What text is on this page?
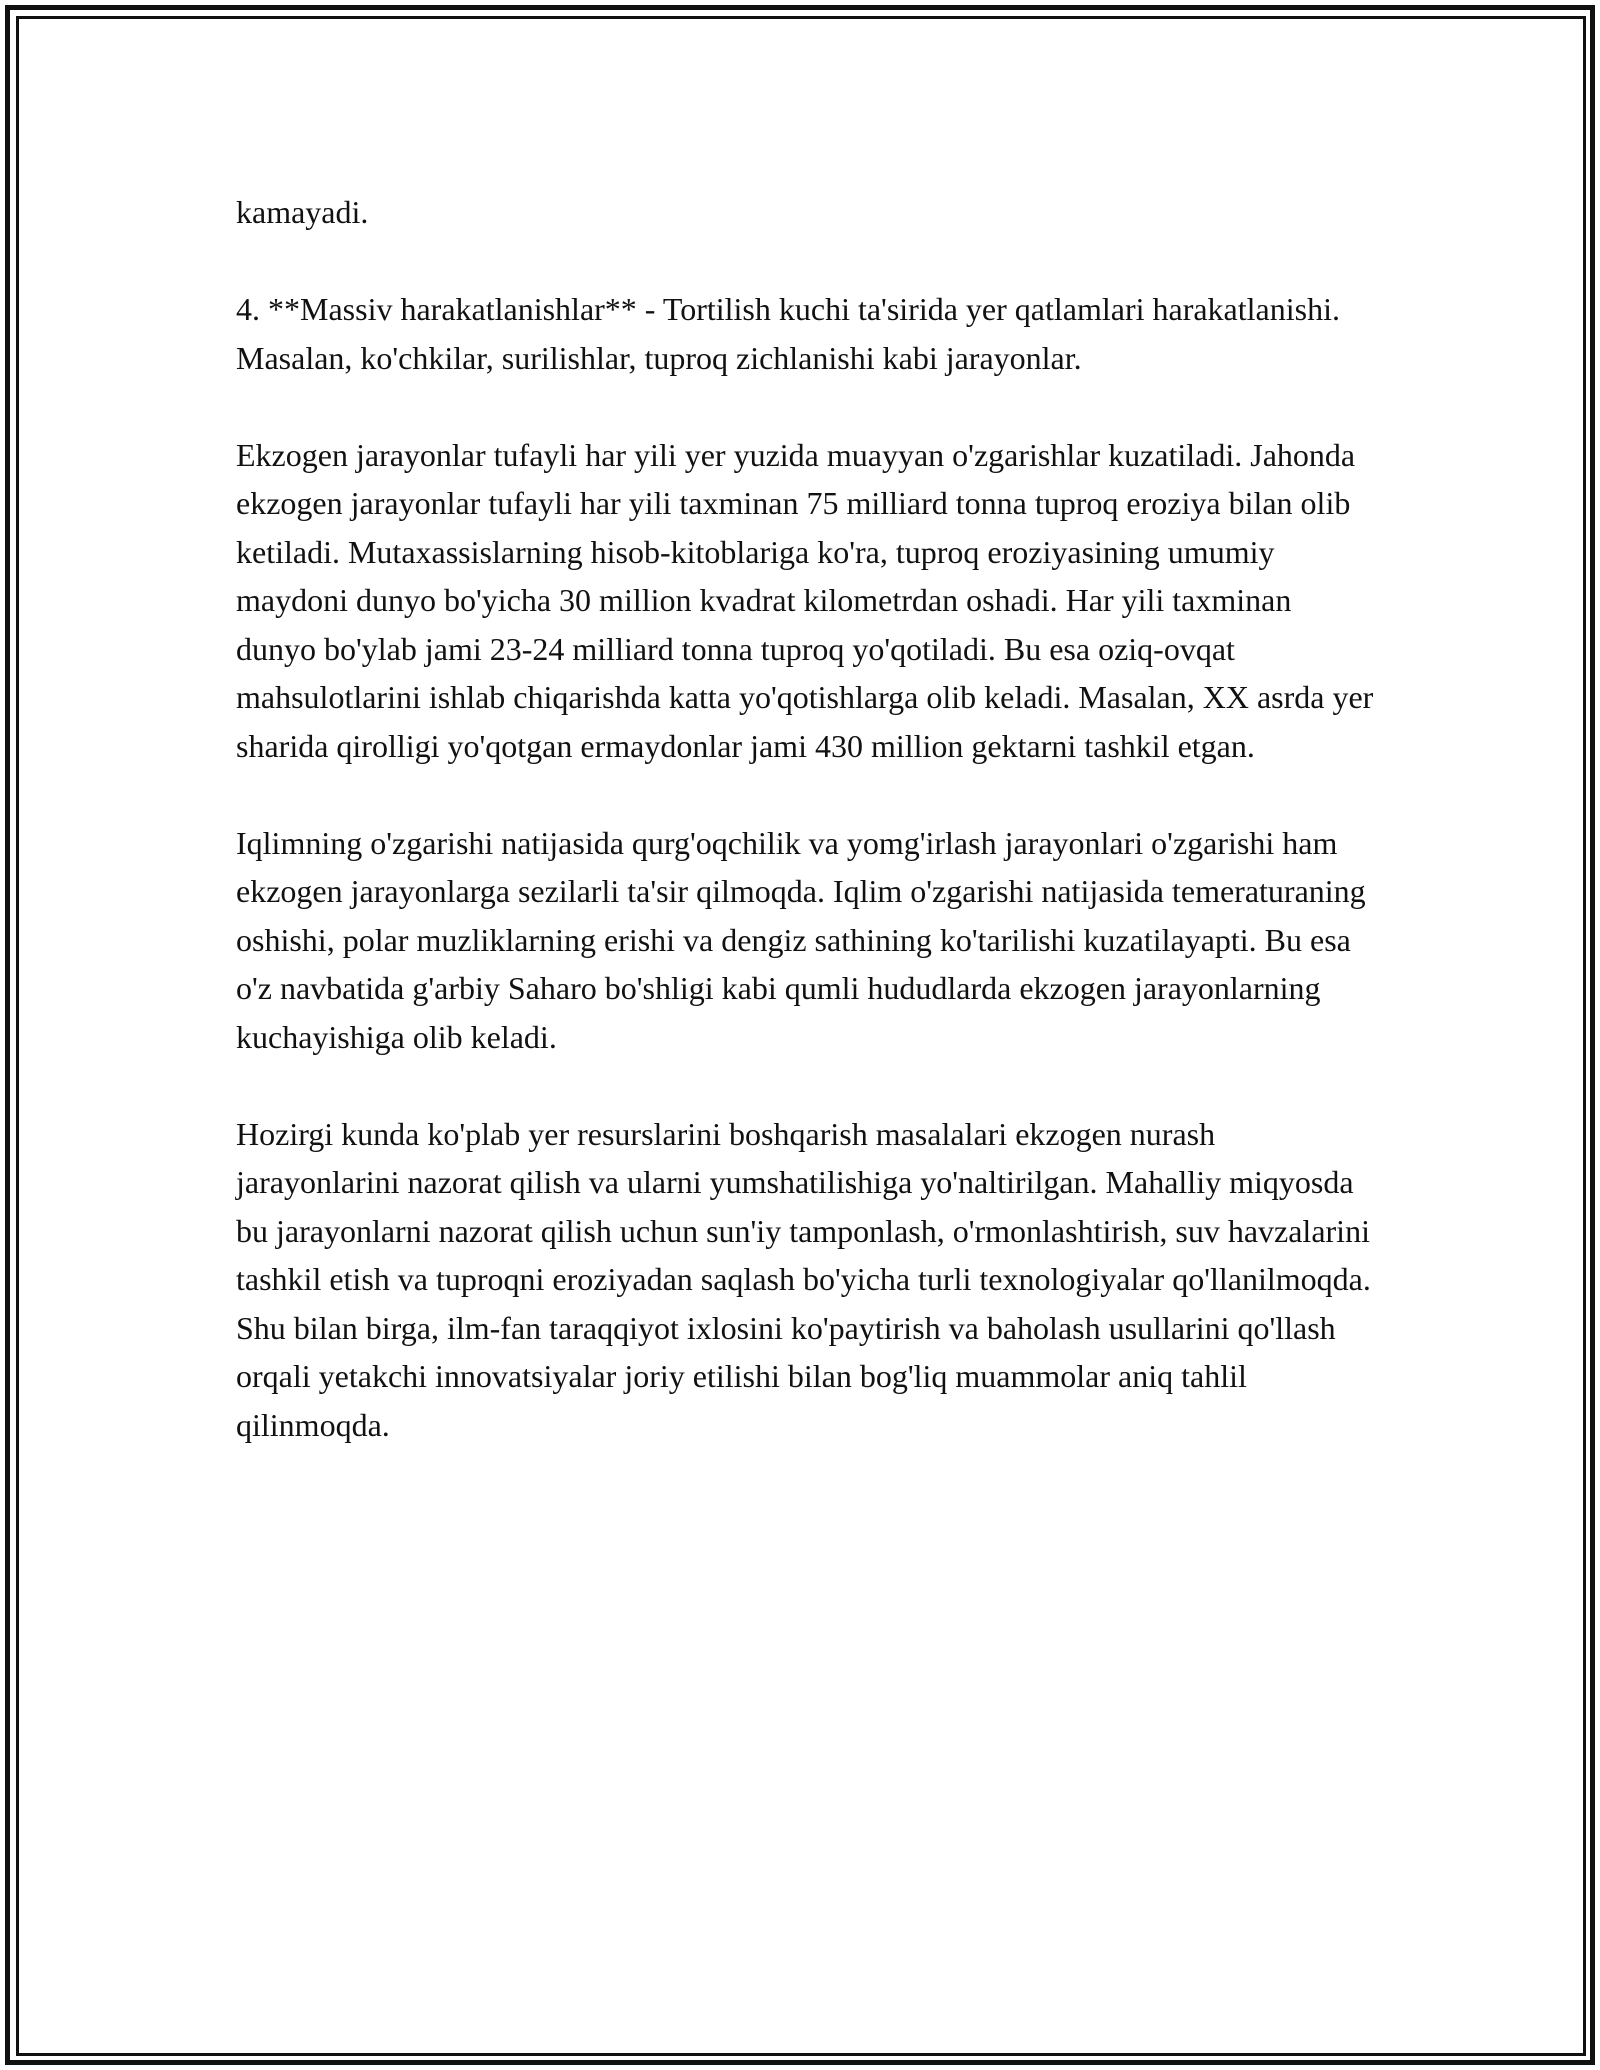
kamayadi.

4. **Massiv harakatlanishlar** - Tortilish kuchi ta'sirida yer qatlamlari harakatlanishi. Masalan, ko'chkilar, surilishlar, tuproq zichlanishi kabi jarayonlar.

Ekzogen jarayonlar tufayli har yili yer yuzida muayyan o'zgarishlar kuzatiladi. Jahonda ekzogen jarayonlar tufayli har yili taxminan 75 milliard tonna tuproq eroziya bilan olib ketiladi. Mutaxassislarning hisob-kitoblariga ko'ra, tuproq eroziyasining umumiy maydoni dunyo bo'yicha 30 million kvadrat kilometrdan oshadi. Har yili taxminan dunyo bo'ylab jami 23-24 milliard tonna tuproq yo'qotiladi. Bu esa oziq-ovqat mahsulotlarini ishlab chiqarishda katta yo'qotishlarga olib keladi. Masalan, XX asrda yer sharida qirolligi yo'qotgan ermaydonlar jami 430 million gektarni tashkil etgan.

Iqlimning o'zgarishi natijasida qurg'oqchilik va yomg'irlash jarayonlari o'zgarishi ham ekzogen jarayonlarga sezilarli ta'sir qilmoqda. Iqlim o'zgarishi natijasida temeraturaning oshishi, polar muzliklarning erishi va dengiz sathining ko'tarilishi kuzatilayapti. Bu esa o'z navbatida g'arbiy Saharo bo'shligi kabi qumli hududlarda ekzogen jarayonlarning kuchayishiga olib keladi.

Hozirgi kunda ko'plab yer resurslarini boshqarish masalalari ekzogen nurash jarayonlarini nazorat qilish va ularni yumshatilishiga yo'naltirilgan. Mahalliy miqyosda bu jarayonlarni nazorat qilish uchun sun'iy tamponlash, o'rmonlashtirish, suv havzalarini tashkil etish va tuproqni eroziyadan saqlash bo'yicha turli texnologiyalar qo'llanilmoqda. Shu bilan birga, ilm-fan taraqqiyot ixlosini ko'paytirish va baholash usullarini qo'llash orqali yetakchi innovatsiyalar joriy etilishi bilan bog'liq muammolar aniq tahlil qilinmoqda.
